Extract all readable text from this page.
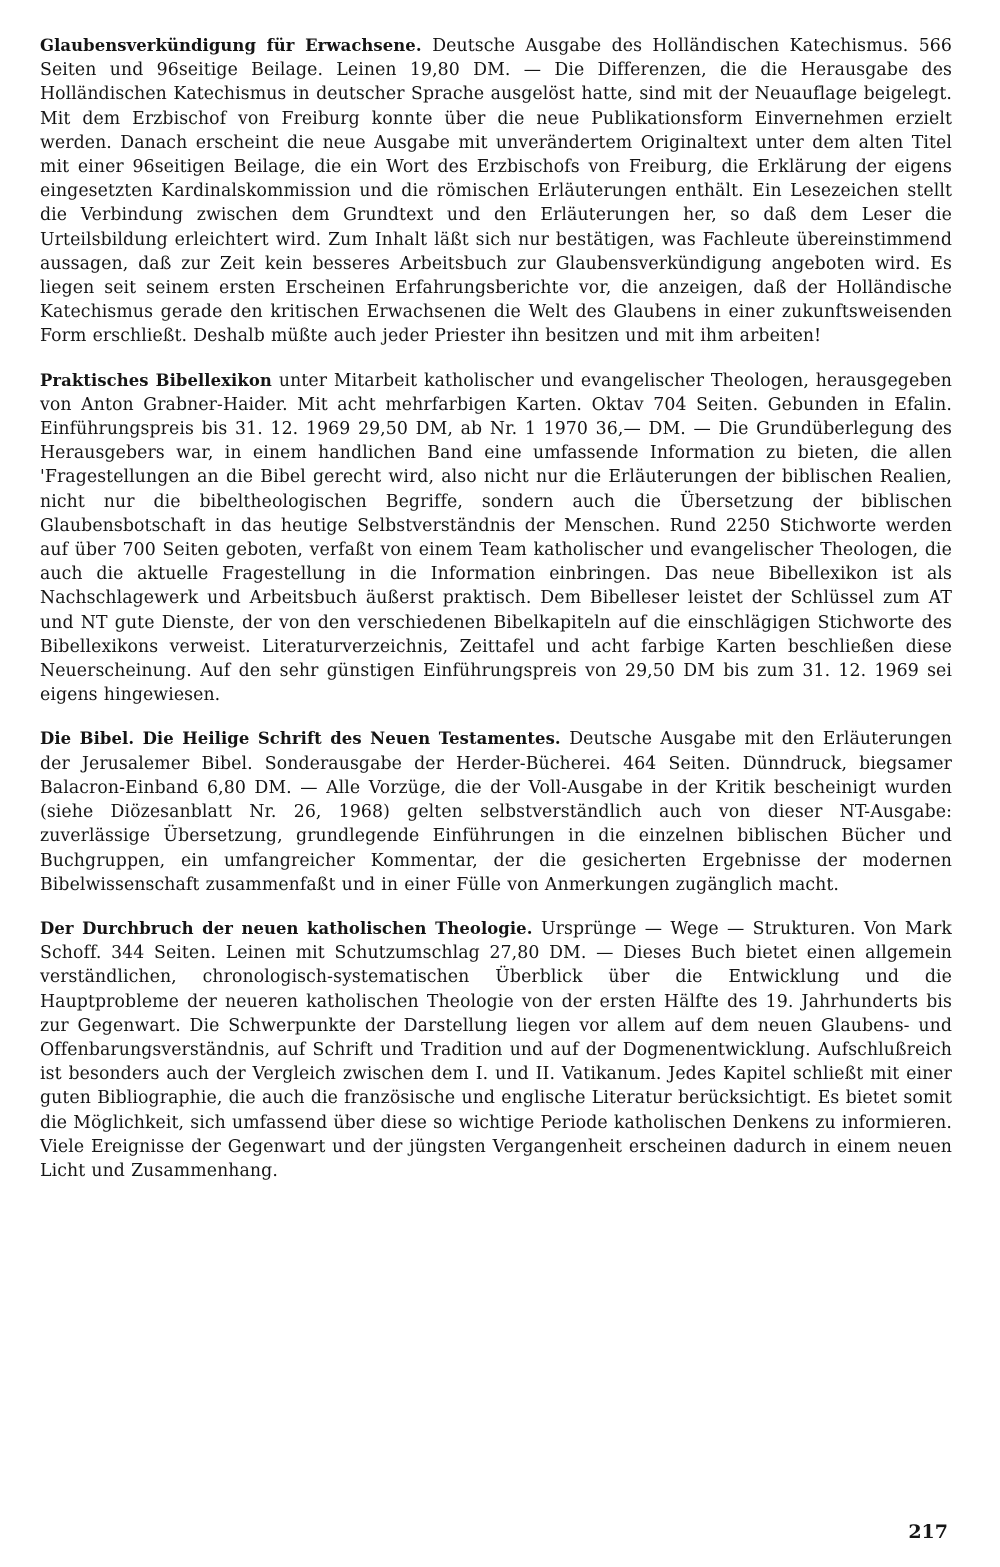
Glaubensverkündigung für Erwachsene. Deutsche Ausgabe des Holländischen Katechismus. 566 Seiten und 96seitige Beilage. Leinen 19,80 DM. — Die Differenzen, die die Herausgabe des Holländischen Katechismus in deutscher Sprache ausgelöst hatte, sind mit der Neuauflage beigelegt. Mit dem Erzbischof von Freiburg konnte über die neue Publikationsform Einvernehmen erzielt werden. Danach erscheint die neue Ausgabe mit unverändertem Originaltext unter dem alten Titel mit einer 96seitigen Beilage, die ein Wort des Erzbischofs von Freiburg, die Erklärung der eigens eingesetzten Kardinalskommission und die römischen Erläuterungen enthält. Ein Lesezeichen stellt die Verbindung zwischen dem Grundtext und den Erläuterungen her, so daß dem Leser die Urteilsbildung erleichtert wird. Zum Inhalt läßt sich nur bestätigen, was Fachleute übereinstimmend aussagen, daß zur Zeit kein besseres Arbeitsbuch zur Glaubensverkündigung angeboten wird. Es liegen seit seinem ersten Erscheinen Erfahrungsberichte vor, die anzeigen, daß der Holländische Katechismus gerade den kritischen Erwachsenen die Welt des Glaubens in einer zukunftsweisenden Form erschließt. Deshalb müßte auch jeder Priester ihn besitzen und mit ihm arbeiten!

Praktisches Bibellexikon unter Mitarbeit katholischer und evangelischer Theologen, herausgegeben von Anton Grabner-Haider. Mit acht mehrfarbigen Karten. Oktav 704 Seiten. Gebunden in Efalin. Einführungspreis bis 31. 12. 1969 29,50 DM, ab Nr. 1 1970 36,— DM. — Die Grundüberlegung des Herausgebers war, in einem handlichen Band eine umfassende Information zu bieten, die allen 'Fragestellungen an die Bibel gerecht wird, also nicht nur die Erläuterungen der biblischen Realien, nicht nur die bibeltheologischen Begriffe, sondern auch die Übersetzung der biblischen Glaubensbotschaft in das heutige Selbstverständnis der Menschen. Rund 2250 Stichworte werden auf über 700 Seiten geboten, verfaßt von einem Team katholischer und evangelischer Theologen, die auch die aktuelle Fragestellung in die Information einbringen. Das neue Bibellexikon ist als Nachschlagewerk und Arbeitsbuch äußerst praktisch. Dem Bibelleser leistet der Schlüssel zum AT und NT gute Dienste, der von den verschiedenen Bibelkapiteln auf die einschlägigen Stichworte des Bibellexikons verweist. Literaturverzeichnis, Zeittafel und acht farbige Karten beschließen diese Neuerscheinung. Auf den sehr günstigen Einführungspreis von 29,50 DM bis zum 31. 12. 1969 sei eigens hingewiesen.

Die Bibel. Die Heilige Schrift des Neuen Testamentes. Deutsche Ausgabe mit den Erläuterungen der Jerusalemer Bibel. Sonderausgabe der Herder-Bücherei. 464 Seiten. Dünndruck, biegsamer Balacron-Einband 6,80 DM. — Alle Vorzüge, die der Voll-Ausgabe in der Kritik bescheinigt wurden (siehe Diözesanblatt Nr. 26, 1968) gelten selbstverständlich auch von dieser NT-Ausgabe: zuverlässige Übersetzung, grundlegende Einführungen in die einzelnen biblischen Bücher und Buchgruppen, ein umfangreicher Kommentar, der die gesicherten Ergebnisse der modernen Bibelwissenschaft zusammenfaßt und in einer Fülle von Anmerkungen zugänglich macht.

Der Durchbruch der neuen katholischen Theologie. Ursprünge — Wege — Strukturen. Von Mark Schoff. 344 Seiten. Leinen mit Schutzumschlag 27,80 DM. — Dieses Buch bietet einen allgemein verständlichen, chronologisch-systematischen Überblick über die Entwicklung und die Hauptprobleme der neueren katholischen Theologie von der ersten Hälfte des 19. Jahrhunderts bis zur Gegenwart. Die Schwerpunkte der Darstellung liegen vor allem auf dem neuen Glaubens- und Offenbarungsverständnis, auf Schrift und Tradition und auf der Dogmenentwicklung. Aufschlußreich ist besonders auch der Vergleich zwischen dem I. und II. Vatikanum. Jedes Kapitel schließt mit einer guten Bibliographie, die auch die französische und englische Literatur berücksichtigt. Es bietet somit die Möglichkeit, sich umfassend über diese so wichtige Periode katholischen Denkens zu informieren. Viele Ereignisse der Gegenwart und der jüngsten Vergangenheit erscheinen dadurch in einem neuen Licht und Zusammenhang.

217
